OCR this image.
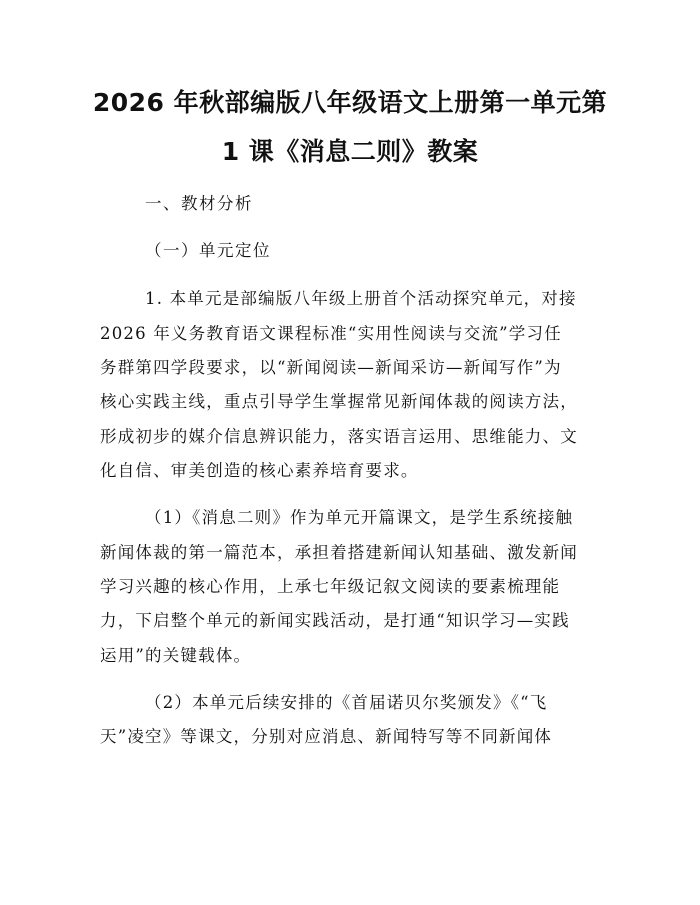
2026 年秋部编版八年级语文上册第一单元第
1 课《消息二则》教案
一、教材分析
（一）单元定位
1. 本单元是部编版八年级上册首个活动探究单元，对接
2026 年义务教育语文课程标准“实用性阅读与交流”学习任
务群第四学段要求，以“新闻阅读—新闻采访—新闻写作”为
核心实践主线，重点引导学生掌握常见新闻体裁的阅读方法，
形成初步的媒介信息辨识能力，落实语言运用、思维能力、文
化自信、审美创造的核心素养培育要求。
（1）《消息二则》作为单元开篇课文，是学生系统接触
新闻体裁的第一篇范本，承担着搭建新闻认知基础、激发新闻
学习兴趣的核心作用，上承七年级记叙文阅读的要素梳理能
力，下启整个单元的新闻实践活动，是打通“知识学习—实践
运用”的关键载体。
（2）本单元后续安排的《首届诺贝尔奖颁发》《“飞
天”凌空》等课文，分别对应消息、新闻特写等不同新闻体
